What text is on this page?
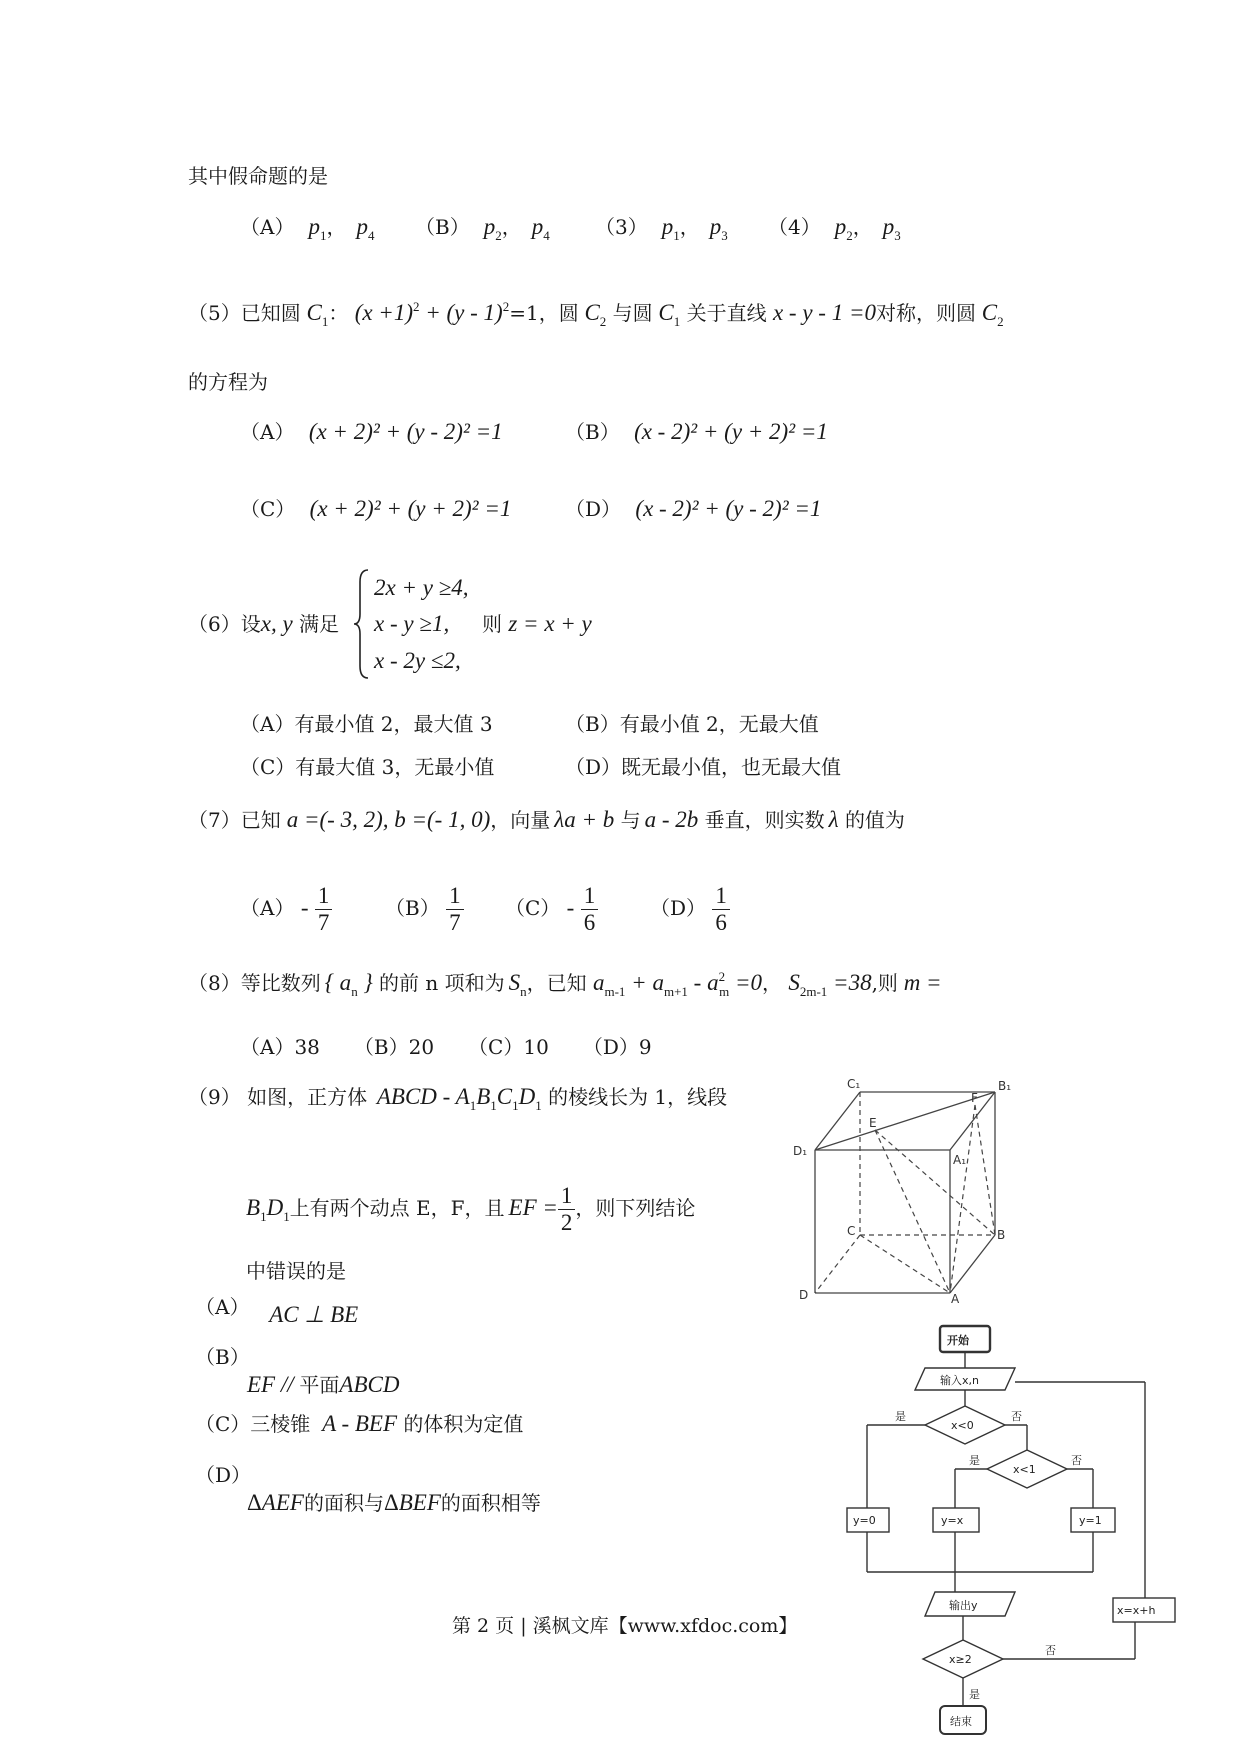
其中假命题的是
（A） $p_1$， $p_4$ （B） $p_2$， $p_4$ （3） $p_1$， $p_3$ （4） $p_2$， $p_3$
（5）已知圆 $C_1$： $(x +1)^2 + (y - 1)^2=1$，圆 $C_2$ 与圆 $C_1$ 关于直线 x - y - 1 =0对称，则圆 $C_2$
的方程为
（A） (x + 2)² + (y - 2)² =1	（B） (x - 2)² + (y + 2)² =1
（C） (x + 2)² + (y + 2)² =1	（D） (x - 2)² + (y - 2)² =1
（6）设x, y 满足
2x + y ≥4,
x - y ≥1,
x - 2y ≤2,
则 z = x + y
（A）有最小值 2，最大值 3	（B）有最小值 2，无最大值
（C）有最大值 3，无最小值	（D）既无最小值，也无最大值
（7）已知 a =(- 3, 2), b =(- 1, 0)，向量 λa + b 与 a - 2b 垂直，则实数 λ 的值为
$(A) - \frac{1}{7}$	$(B) \frac{1}{7} (C) - \frac{1}{6}$	$(D) \frac{1}{6}$
（8）等比数列 { $a_n$ } 的前 n 项和为 $S_n$，已知 $a_{m-1} + a_{m+1} - a^2_m =0$， $S_{2m-1} =38$,则 m =
（A）38 （B）20 （C）10 （D）9
（9） 如图，正方体 ABCD - $A_1B_1C_1D_1$ 的棱线长为 1，线段
$B_1D_1$上有两个动点 E，F，且 EF = $\frac{1}{2}$ ，则下列结论
中错误的是
（A） AC ⊥ BE
（B）
EF // 平面ABCD
（C）三棱锥 A - BEF 的体积为定值
（D）
ΔAEF的面积与ΔBEF的面积相等
第 2 页 | 溪枫文库【www.xfdoc.com】
C₁	B₁
E
F
D₁
A₁
C	B
D	A
开始
输入x,n
x<0
是	否
x<1
是	否
y=0	y=x	y=1
输出y	x=x+h
x≥2
否
是
结束
